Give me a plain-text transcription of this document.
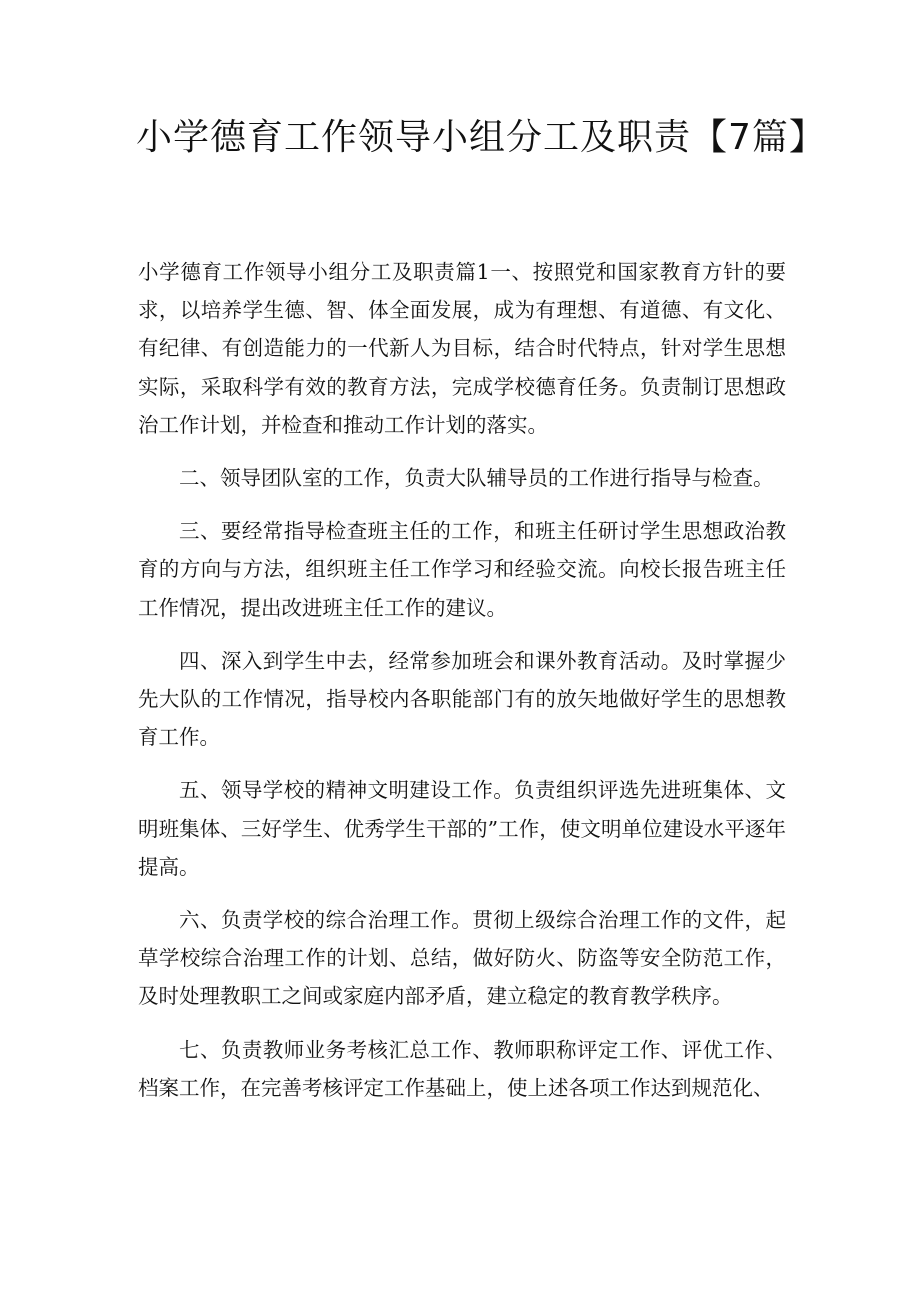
小学德育工作领导小组分工及职责【7篇】

小学德育工作领导小组分工及职责篇1一、按照党和国家教育方针的要求，以培养学生德、智、体全面发展，成为有理想、有道德、有文化、有纪律、有创造能力的一代新人为目标，结合时代特点，针对学生思想实际，采取科学有效的教育方法，完成学校德育任务。负责制订思想政治工作计划，并检查和推动工作计划的落实。

二、领导团队室的工作，负责大队辅导员的工作进行指导与检查。

三、要经常指导检查班主任的工作，和班主任研讨学生思想政治教育的方向与方法，组织班主任工作学习和经验交流。向校长报告班主任工作情况，提出改进班主任工作的建议。

四、深入到学生中去，经常参加班会和课外教育活动。及时掌握少先大队的工作情况，指导校内各职能部门有的放矢地做好学生的思想教育工作。

五、领导学校的精神文明建设工作。负责组织评选先进班集体、文明班集体、三好学生、优秀学生干部的”工作，使文明单位建设水平逐年提高。

六、负责学校的综合治理工作。贯彻上级综合治理工作的文件，起草学校综合治理工作的计划、总结，做好防火、防盗等安全防范工作，及时处理教职工之间或家庭内部矛盾，建立稳定的教育教学秩序。

七、负责教师业务考核汇总工作、教师职称评定工作、评优工作、档案工作，在完善考核评定工作基础上，使上述各项工作达到规范化、
